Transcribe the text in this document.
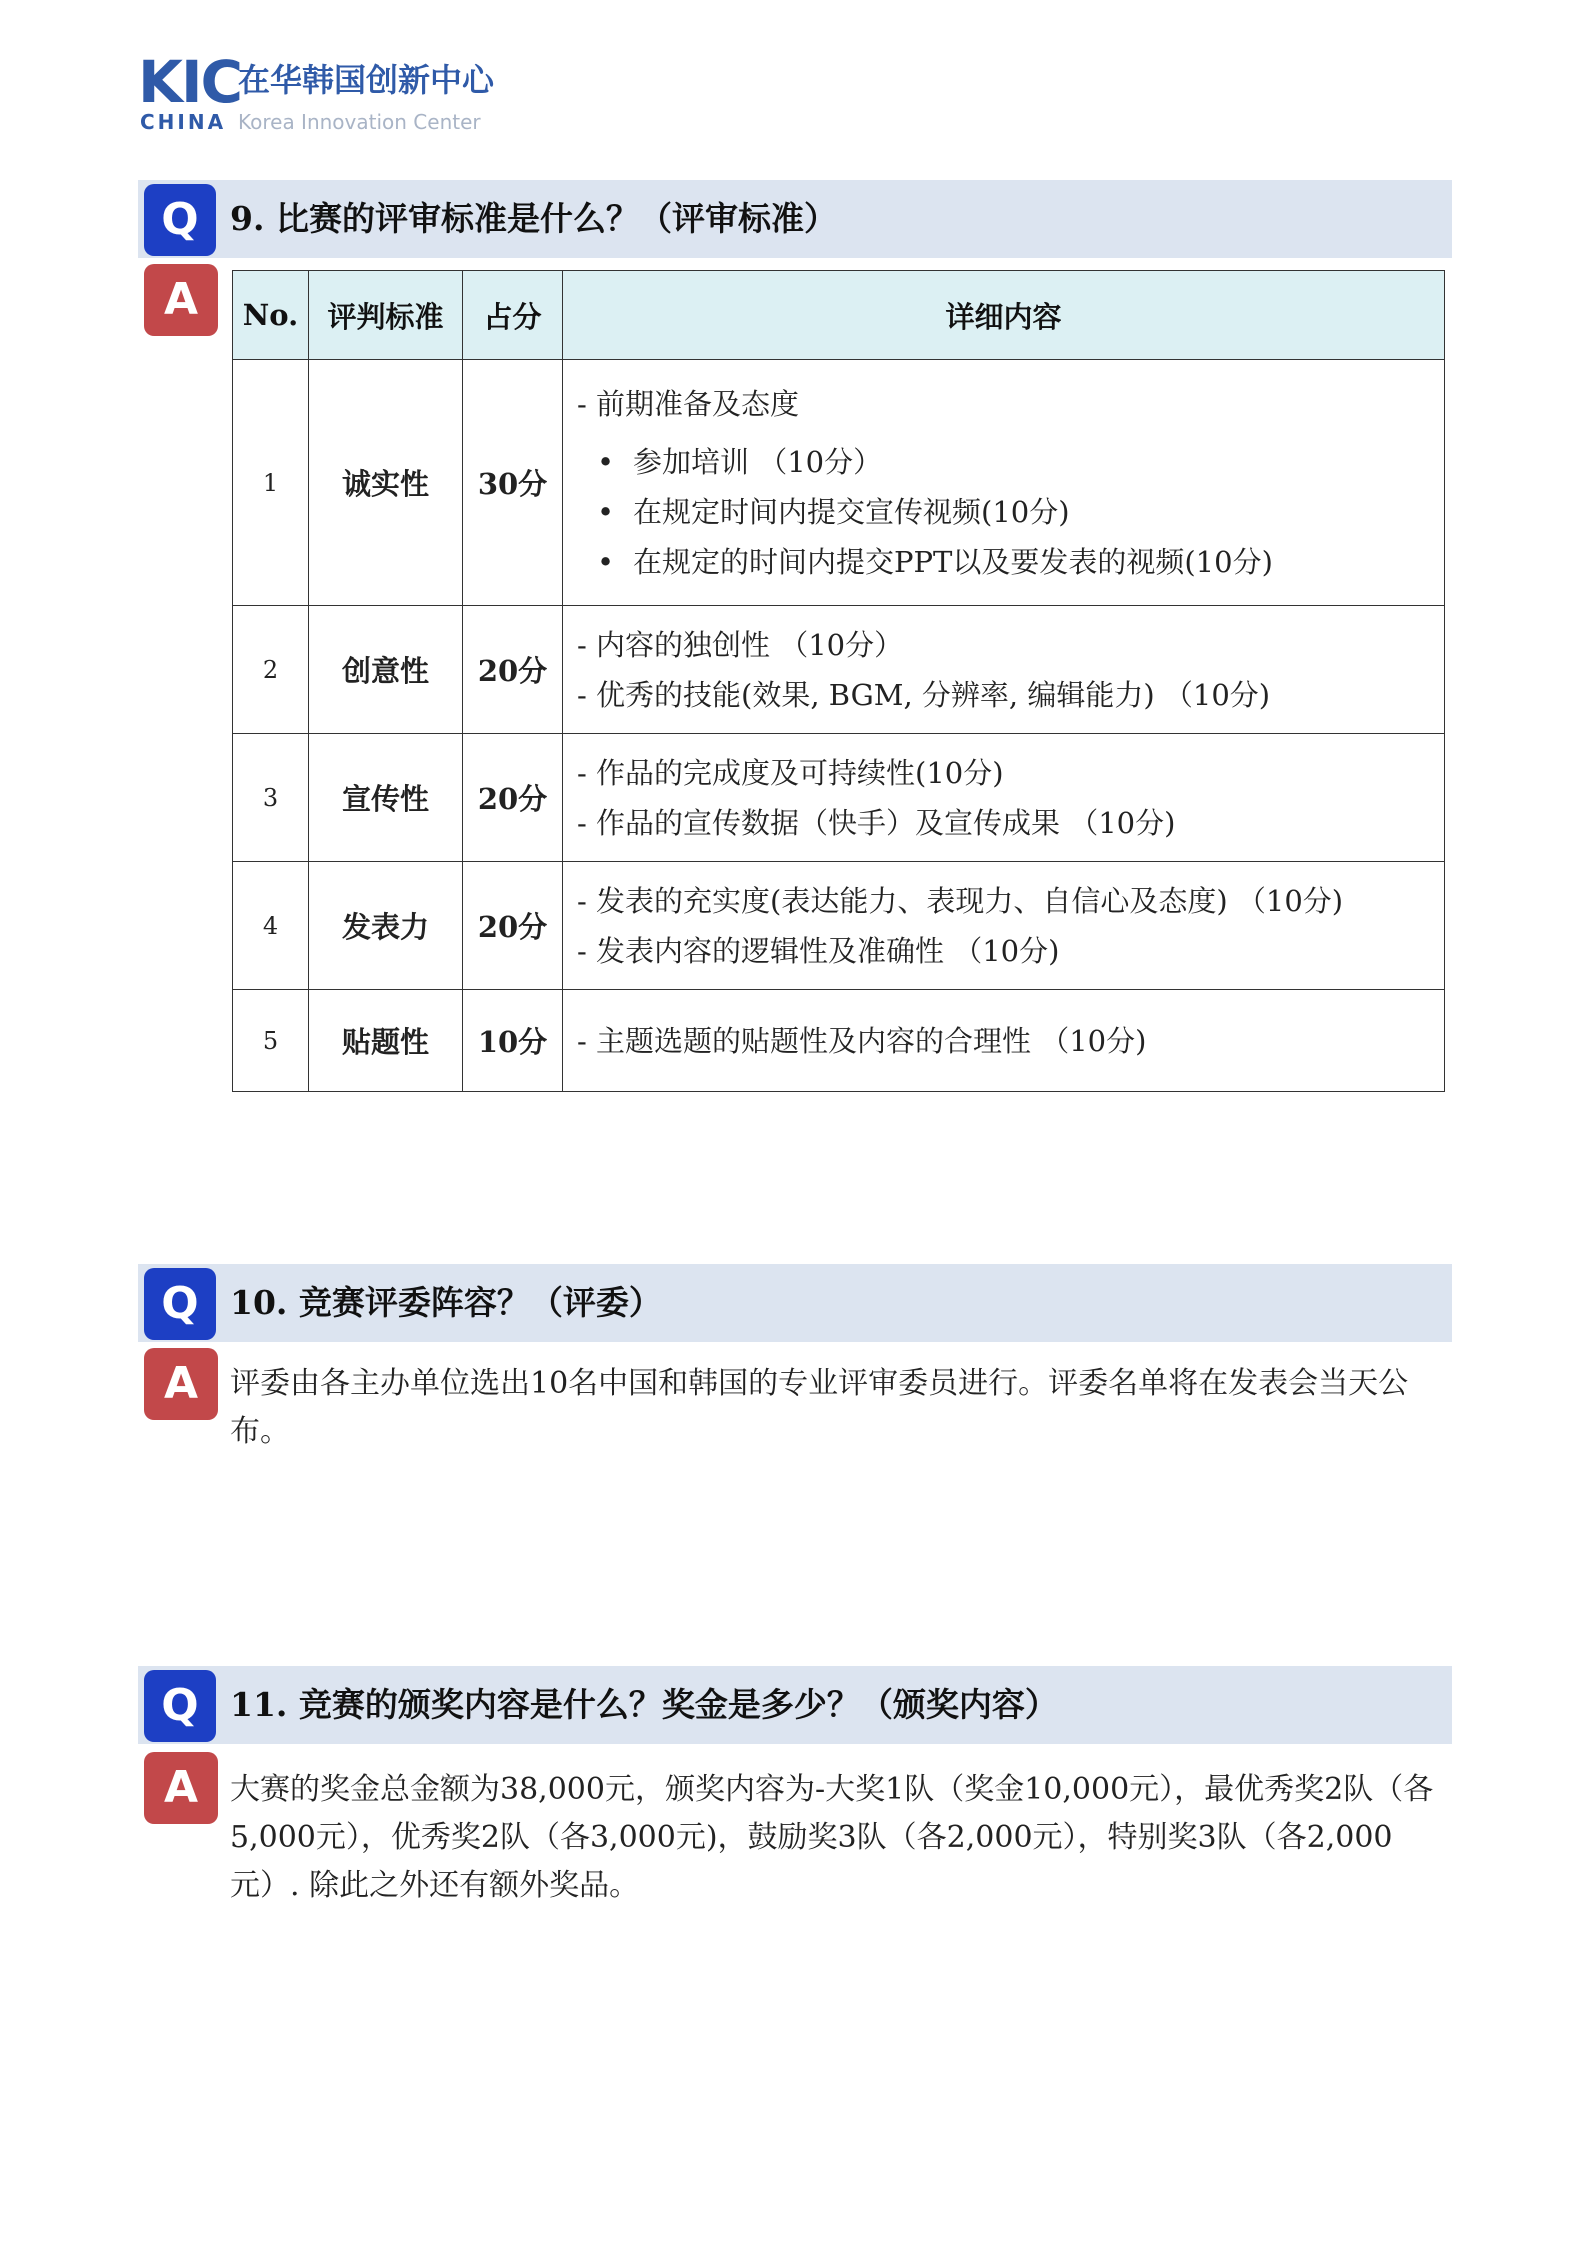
KIC
在华韩国创新中心
CHINA Korea Innovation Center
Q 9. 比赛的评审标准是什么？（评审标准）
A	No.	评判标准	占分	详细内容
1	诚实性	30分	- 前期准备及态度
• 参加培训 （10分）
• 在规定时间内提交宣传视频(10分)
• 在规定的时间内提交PPT以及要发表的视频(10分)

2	创意性	20分	- 内容的独创性 （10分）
- 优秀的技能(效果, BGM, 分辨率, 编辑能力) （10分)

3	宣传性	20分	- 作品的完成度及可持续性(10分)
- 作品的宣传数据（快手）及宣传成果 （10分)

4	发表力	20分	- 发表的充实度(表达能力、表现力、自信心及态度) （10分)
- 发表内容的逻辑性及准确性 （10分)

5	贴题性	10分	- 主题选题的贴题性及内容的合理性 （10分)
Q 10. 竞赛评委阵容？（评委）
A	评委由各主办单位选出10名中国和韩国的专业评审委员进行。评委名单将在发表会当天公布。
Q 11. 竞赛的颁奖内容是什么？奖金是多少？（颁奖内容）
A	大赛的奖金总金额为38,000元，颁奖内容为-大奖1队（奖金10,000元），最优秀奖2队（各5,000元），优秀奖2队（各3,000元)，鼓励奖3队（各2,000元），特别奖3队（各2,000元）. 除此之外还有额外奖品。
